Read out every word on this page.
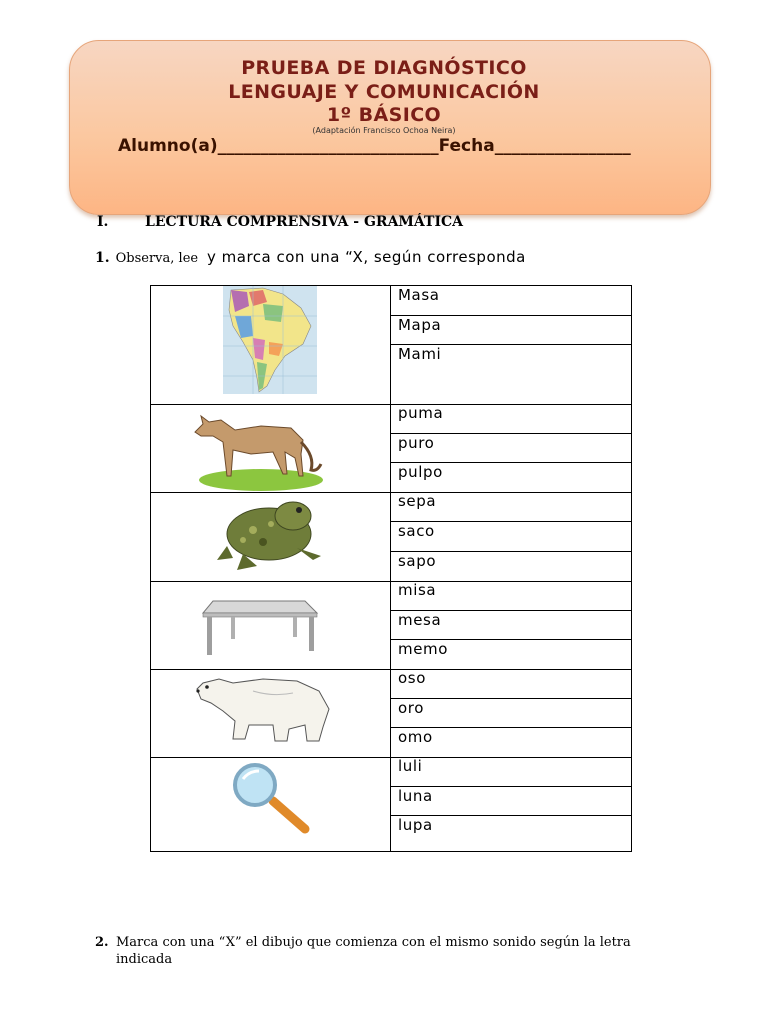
PRUEBA DE DIAGNÓSTICO
LENGUAJE Y COMUNICACIÓN
1º BÁSICO
(Adaptación Francisco Ochoa Neira)
Alumno(a)__________________________Fecha________________
I.	LECTURA COMPRENSIVA - GRAMÁTICA
1. Observa, lee y marca con una “X, según corresponda
Masa
Mapa
Mami
puma
puro
pulpo
sepa
saco
sapo
misa
mesa
memo
oso
oro
omo
luli
luna
lupa
2. Marca con una “X” el dibujo que comienza con el mismo sonido según la letra
indicada
